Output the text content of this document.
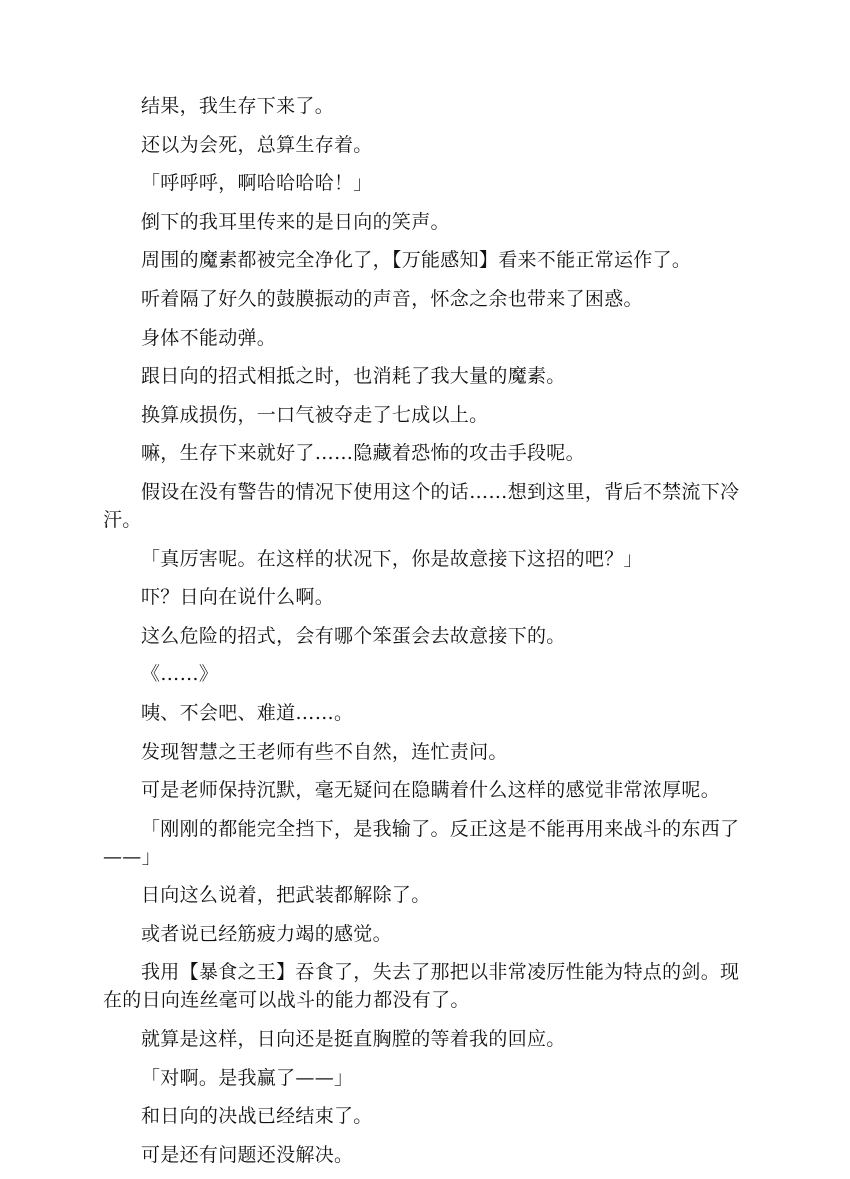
结果，我生存下来了。

还以为会死，总算生存着。

「呼呼呼，啊哈哈哈哈！」

倒下的我耳里传来的是日向的笑声。

周围的魔素都被完全净化了，【万能感知】看来不能正常运作了。

听着隔了好久的鼓膜振动的声音，怀念之余也带来了困惑。

身体不能动弹。

跟日向的招式相抵之时，也消耗了我大量的魔素。

换算成损伤，一口气被夺走了七成以上。

嘛，生存下来就好了……隐藏着恐怖的攻击手段呢。

假设在没有警告的情况下使用这个的话……想到这里，背后不禁流下冷汗。

「真厉害呢。在这样的状况下，你是故意接下这招的吧？」

吓？日向在说什么啊。

这么危险的招式，会有哪个笨蛋会去故意接下的。

《……》

咦、不会吧、难道……。

发现智慧之王老师有些不自然，连忙责问。

可是老师保持沉默，毫无疑问在隐瞒着什么这样的感觉非常浓厚呢。

「刚刚的都能完全挡下，是我输了。反正这是不能再用来战斗的东西了——」

日向这么说着，把武装都解除了。

或者说已经筋疲力竭的感觉。

我用【暴食之王】吞食了，失去了那把以非常凌厉性能为特点的剑。现在的日向连丝毫可以战斗的能力都没有了。

就算是这样，日向还是挺直胸膛的等着我的回应。

「对啊。是我赢了——」

和日向的决战已经结束了。

可是还有问题还没解决。
